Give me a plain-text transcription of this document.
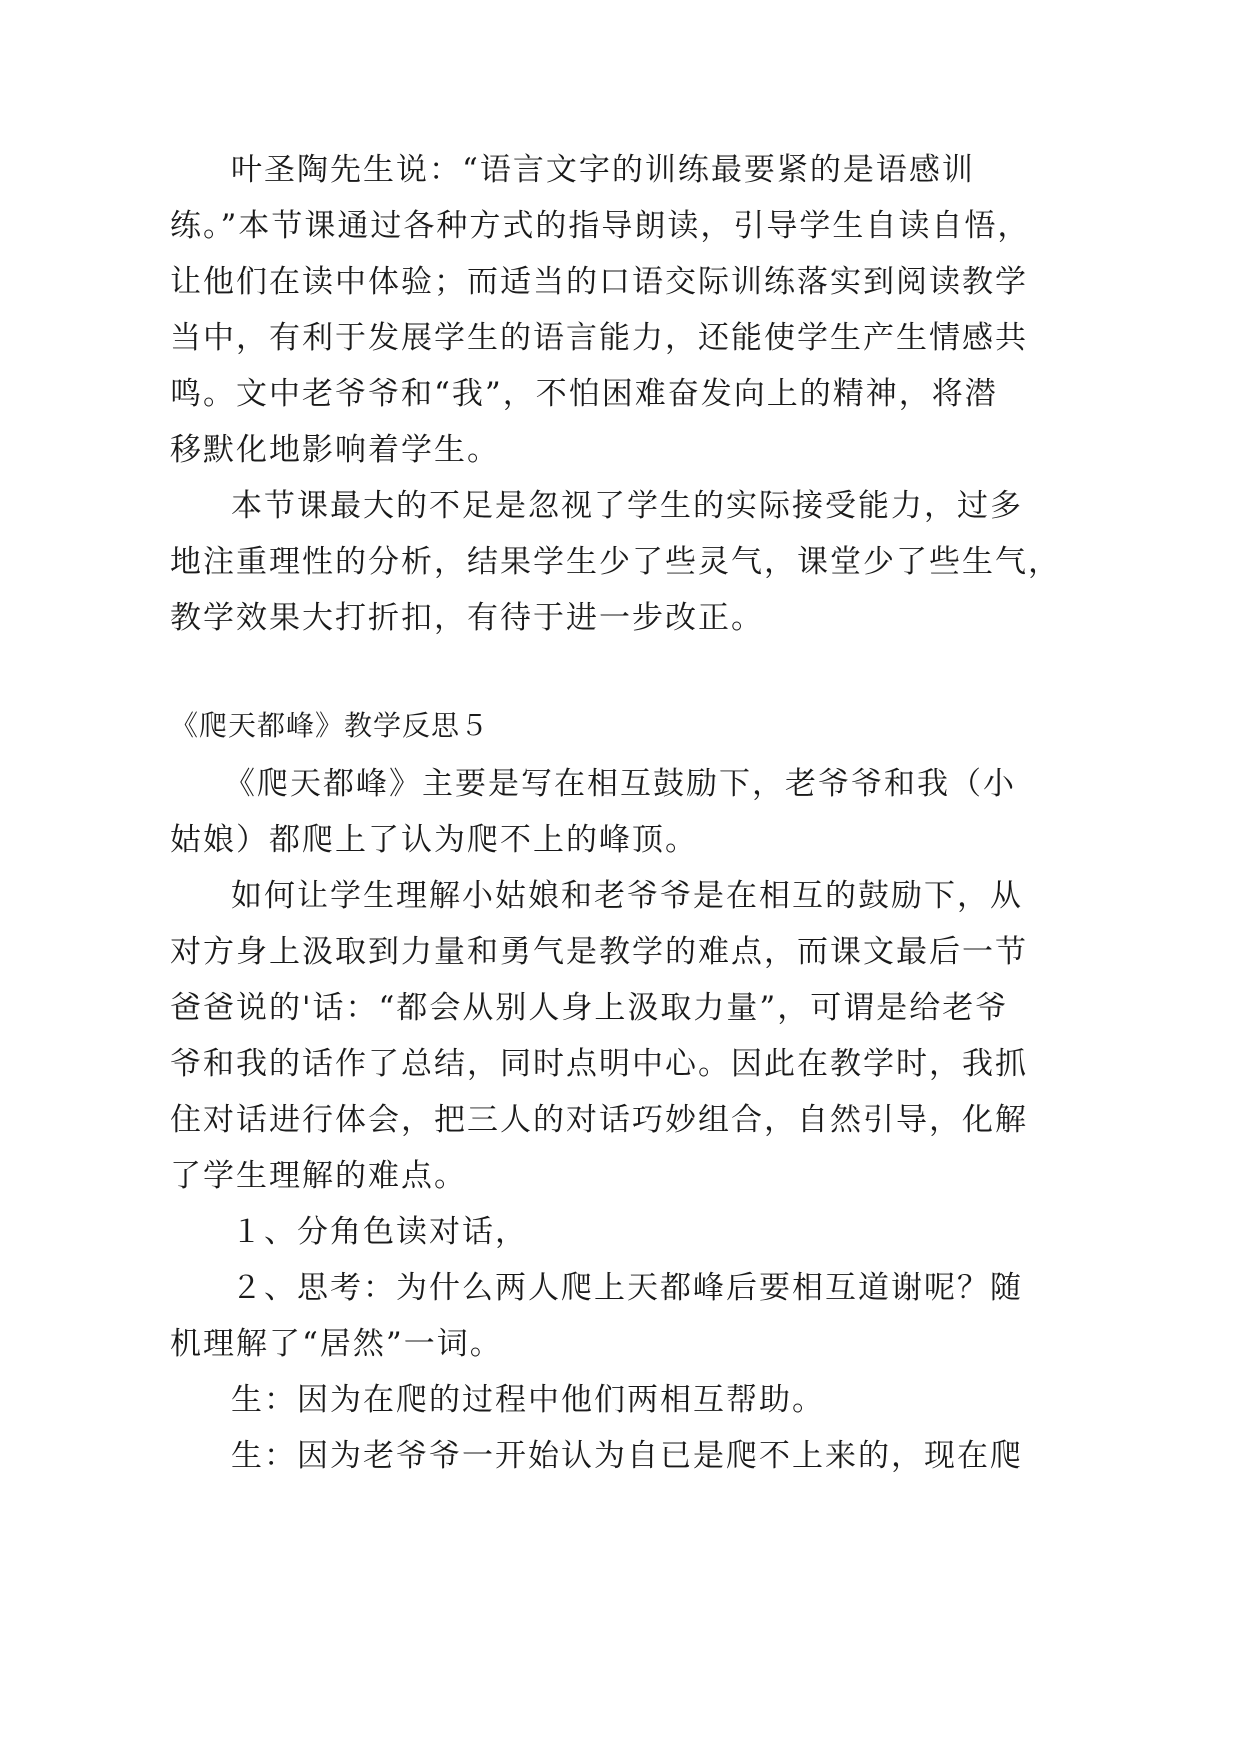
叶圣陶先生说：“语言文字的训练最要紧的是语感训

练。”本节课通过各种方式的指导朗读，引导学生自读自悟，

让他们在读中体验；而适当的口语交际训练落实到阅读教学

当中，有利于发展学生的语言能力，还能使学生产生情感共

鸣。文中老爷爷和“我”，不怕困难奋发向上的精神，将潜

移默化地影响着学生。

本节课最大的不足是忽视了学生的实际接受能力，过多

地注重理性的分析，结果学生少了些灵气，课堂少了些生气，

教学效果大打折扣，有待于进一步改正。

《爬天都峰》教学反思５

《爬天都峰》主要是写在相互鼓励下，老爷爷和我（小

姑娘）都爬上了认为爬不上的峰顶。

如何让学生理解小姑娘和老爷爷是在相互的鼓励下，从

对方身上汲取到力量和勇气是教学的难点，而课文最后一节

爸爸说的'话：“都会从别人身上汲取力量”，可谓是给老爷

爷和我的话作了总结，同时点明中心。因此在教学时，我抓

住对话进行体会，把三人的对话巧妙组合，自然引导，化解

了学生理解的难点。

１、分角色读对话，

２、思考：为什么两人爬上天都峰后要相互道谢呢？随

机理解了“居然”一词。

生：因为在爬的过程中他们两相互帮助。

生：因为老爷爷一开始认为自已是爬不上来的，现在爬
